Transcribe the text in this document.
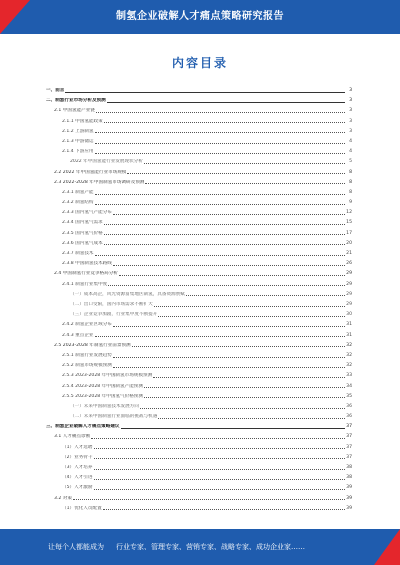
制氢企业破解人才痛点策略研究报告
内容目录
一、前言	3
二、制氢行业市场分析及预测	3
2.1 中国氢能产业链	3
2.1.1 中国氢能政策	3
2.1.2 上游制氢	3
2.1.3 中游储运	4
2.1.4 下游应用	4
2022 年中国氢能行业发展现状分析	5
2.2 2022 年中国氢能行业市场规模	8
2.3 2022-2028 年中国制氢市场调研及预测	8
2.3.1 制氢产能	8
2.3.2 制氢结构	9
2.3.3 国内氢气产能分布	12
2.3.4 国内氢气需求	15
2.3.5 国内氢气价格	17
2.3.6 国内氢气成本	20
2.3.7 制氢技术	21
2.3.8 中国制氢技术路线	26
2.4 中国制氢行业竞争格局分析	29
2.4.1 制氢行业集中度	29
（一）成本高企，风光资源富集地区制氢，具备资源禀赋	29
（二）出口受限，国内市场需求不断扩大	29
（三）企业竞争加剧，行业集中度不断提升	30
2.4.2 制氢企业区域分布	31
2.4.3 重点企业	31
2.5 2023-2028 年制氢行业前景预测	32
2.5.1 制氢行业发展趋势	32
2.5.2 制氢市场规模预测	32
2.5.3 2023-2028 年中国制氢市场规模预测	33
2.5.4 2023-2028 年中国制氢产能预测	34
2.5.5 2023-2028 年中国氢气价格预测	35
（一）未来中国制氢技术发展方向	36
（二）未来中国制氢行业面临的挑战与机遇	36
三、制氢企业破解人才痛点策略建议	37
3.1 人才痛点诊断	37
（1）人才选聘	37
（2）业务骨干	37
（3）人才培养	38
（4）人才引进	38
（5）人才激励	39
3.2 对策	39
（1）优化人员配置	39
让每个人都能成为 行业专家、管理专家、营销专家、战略专家、成功企业家……
